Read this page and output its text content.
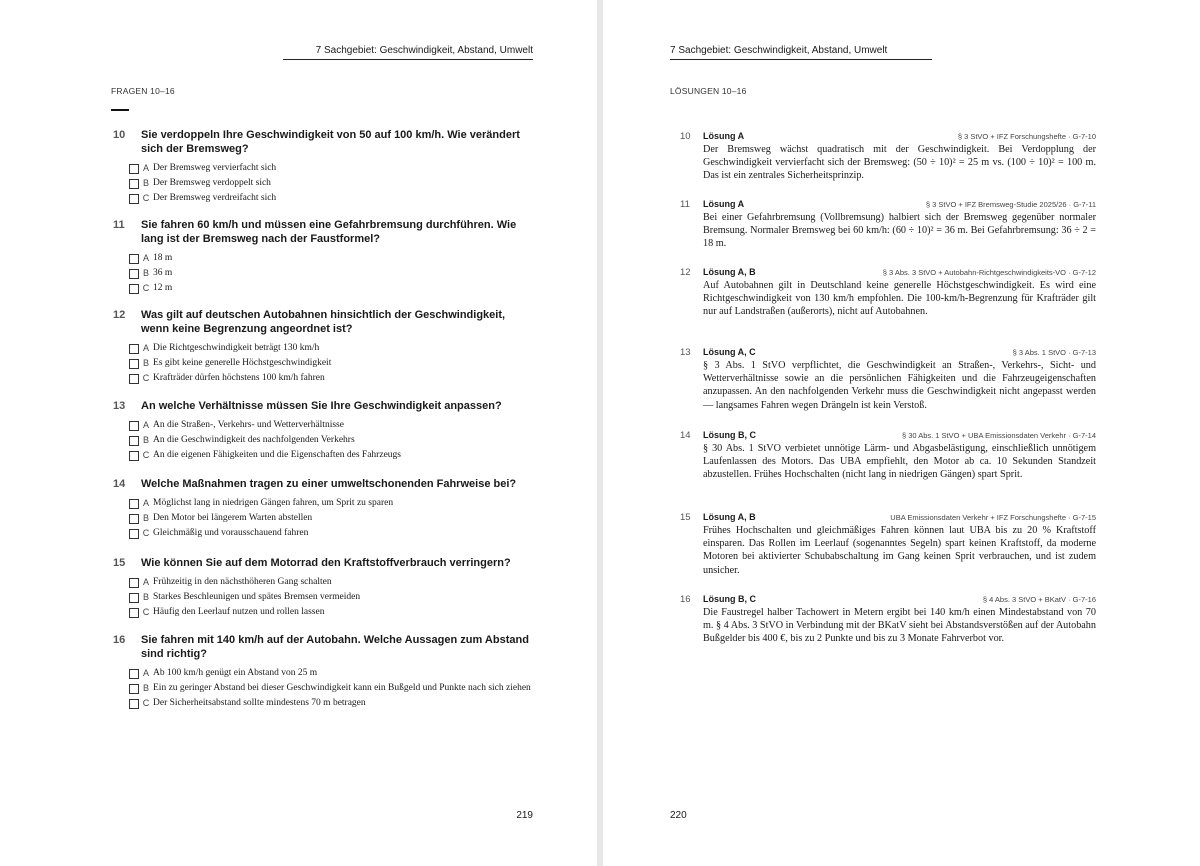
7 Sachgebiet: Geschwindigkeit, Abstand, Umwelt
FRAGEN 10–16
10	Sie verdoppeln Ihre Geschwindigkeit von 50 auf 100 km/h. Wie verändert sich der Bremsweg?
A Der Bremsweg vervierfacht sich
B Der Bremsweg verdoppelt sich
C Der Bremsweg verdreifacht sich
11	Sie fahren 60 km/h und müssen eine Gefahrbremsung durchführen. Wie lang ist der Bremsweg nach der Faustformel?
A 18 m
B 36 m
C 12 m
12	Was gilt auf deutschen Autobahnen hinsichtlich der Geschwindigkeit, wenn keine Begrenzung angeordnet ist?
A Die Richtgeschwindigkeit beträgt 130 km/h
B Es gibt keine generelle Höchstgeschwindigkeit
C Krafträder dürfen höchstens 100 km/h fahren
13	An welche Verhältnisse müssen Sie Ihre Geschwindigkeit anpassen?
A An die Straßen-, Verkehrs- und Wetterverhältnisse
B An die Geschwindigkeit des nachfolgenden Verkehrs
C An die eigenen Fähigkeiten und die Eigenschaften des Fahrzeugs
14	Welche Maßnahmen tragen zu einer umweltschonenden Fahrweise bei?
A Möglichst lang in niedrigen Gängen fahren, um Sprit zu sparen
B Den Motor bei längerem Warten abstellen
C Gleichmäßig und vorausschauend fahren
15	Wie können Sie auf dem Motorrad den Kraftstoffverbrauch verringern?
A Frühzeitig in den nächsthöheren Gang schalten
B Starkes Beschleunigen und spätes Bremsen vermeiden
C Häufig den Leerlauf nutzen und rollen lassen
16	Sie fahren mit 140 km/h auf der Autobahn. Welche Aussagen zum Abstand sind richtig?
A Ab 100 km/h genügt ein Abstand von 25 m
B Ein zu geringer Abstand bei dieser Geschwindigkeit kann ein Bußgeld und Punkte nach sich ziehen
C Der Sicherheitsabstand sollte mindestens 70 m betragen
219
7 Sachgebiet: Geschwindigkeit, Abstand, Umwelt
LÖSUNGEN 10–16
10	Lösung A	§ 3 StVO + IFZ Forschungshefte · G-7-10
Der Bremsweg wächst quadratisch mit der Geschwindigkeit. Bei Verdopplung der Geschwindigkeit vervierfacht sich der Bremsweg: (50 ÷ 10)² = 25 m vs. (100 ÷ 10)² = 100 m. Das ist ein zentrales Sicherheitsprinzip.
11	Lösung A	§ 3 StVO + IFZ Bremsweg-Studie 2025/26 · G-7-11
Bei einer Gefahrbremsung (Vollbremsung) halbiert sich der Bremsweg gegenüber normaler Bremsung. Normaler Bremsweg bei 60 km/h: (60 ÷ 10)² = 36 m. Bei Gefahrbremsung: 36 ÷ 2 = 18 m.
12	Lösung A, B	§ 3 Abs. 3 StVO + Autobahn-Richtgeschwindigkeits-VO · G-7-12
Auf Autobahnen gilt in Deutschland keine generelle Höchstgeschwindigkeit. Es wird eine Richtgeschwindigkeit von 130 km/h empfohlen. Die 100-km/h-Begrenzung für Krafträder gilt nur auf Landstraßen (außerorts), nicht auf Autobahnen.
13	Lösung A, C	§ 3 Abs. 1 StVO · G-7-13
§ 3 Abs. 1 StVO verpflichtet, die Geschwindigkeit an Straßen-, Verkehrs-, Sicht- und Wetterverhältnisse sowie an die persönlichen Fähigkeiten und die Fahrzeugeigenschaften anzupassen. An den nachfolgenden Verkehr muss die Geschwindigkeit nicht angepasst werden — langsames Fahren wegen Drängeln ist kein Verstoß.
14	Lösung B, C	§ 30 Abs. 1 StVO + UBA Emissionsdaten Verkehr · G-7-14
§ 30 Abs. 1 StVO verbietet unnötige Lärm- und Abgasbelästigung, einschließlich unnötigem Laufenlassen des Motors. Das UBA empfiehlt, den Motor ab ca. 10 Sekunden Standzeit abzustellen. Frühes Hochschalten (nicht lang in niedrigen Gängen) spart Sprit.
15	Lösung A, B	UBA Emissionsdaten Verkehr + IFZ Forschungshefte · G-7-15
Frühes Hochschalten und gleichmäßiges Fahren können laut UBA bis zu 20 % Kraftstoff einsparen. Das Rollen im Leerlauf (sogenanntes Segeln) spart keinen Kraftstoff, da moderne Motoren bei aktivierter Schubabschaltung im Gang keinen Sprit verbrauchen, und ist zudem unsicher.
16	Lösung B, C	§ 4 Abs. 3 StVO + BKatV · G-7-16
Die Faustregel halber Tachowert in Metern ergibt bei 140 km/h einen Mindestabstand von 70 m. § 4 Abs. 3 StVO in Verbindung mit der BKatV sieht bei Abstandsverstößen auf der Autobahn Bußgelder bis 400 €, bis zu 2 Punkte und bis zu 3 Monate Fahrverbot vor.
220
